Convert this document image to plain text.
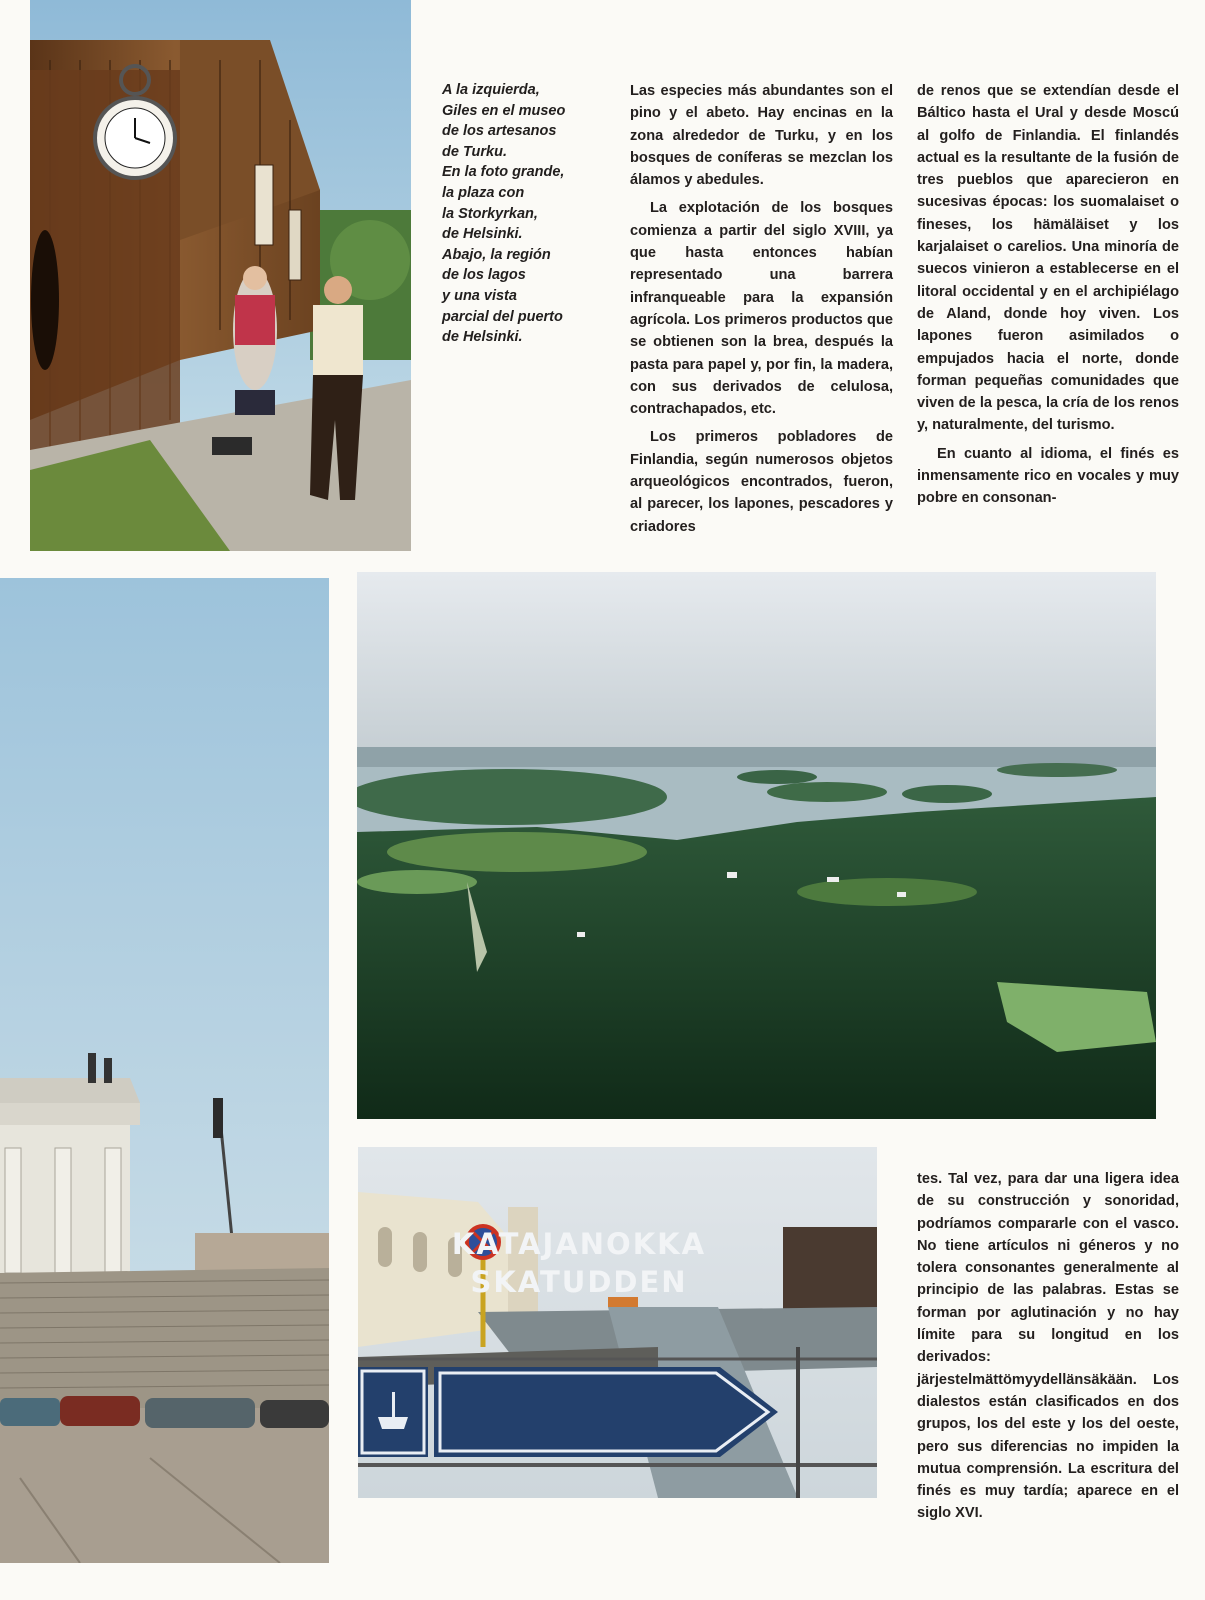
A la izquierda,

Giles en el museo

de los artesanos

de Turku.

En la foto grande,

la plaza con

la Storkyrkan,

de Helsinki.

Abajo, la región

de los lagos

y una vista

parcial del puerto

de Helsinki.

Las especies más abundantes son el pino y el abeto. Hay encinas en la zona alrededor de Turku, y en los bosques de coníferas se mezclan los álamos y abedules.

La explotación de los bosques comienza a partir del siglo XVIII, ya que hasta entonces habían representado una barrera infranqueable para la expansión agrícola. Los primeros productos que se obtienen son la brea, después la pasta para papel y, por fin, la madera, con sus derivados de celulosa, contrachapados, etc.

Los primeros pobladores de Finlandia, según numerosos objetos arqueológicos encontrados, fueron, al parecer, los lapones, pescadores y criadores

de renos que se extendían desde el Báltico hasta el Ural y desde Moscú al golfo de Finlandia. El finlandés actual es la resultante de la fusión de tres pueblos que aparecieron en sucesivas épocas: los suomalaiset o fineses, los hämäläiset y los karjalaiset o carelios. Una minoría de suecos vinieron a establecerse en el litoral occidental y en el archipiélago de Aland, donde hoy viven. Los lapones fueron asimilados o empujados hacia el norte, donde forman pequeñas comunidades que viven de la pesca, la cría de los renos y, naturalmente, del turismo.

En cuanto al idioma, el finés es inmensamente rico en vocales y muy pobre en consonan-

KATAJANOKKA
SKATUDDEN

tes. Tal vez, para dar una ligera idea de su construcción y sonoridad, podríamos compararle con el vasco. No tiene artículos ni géneros y no tolera consonantes generalmente al principio de las palabras. Estas se forman por aglutinación y no hay límite para su longitud en los derivados: järjestelmättömyydellänsäkään. Los dialestos están clasificados en dos grupos, los del este y los del oeste, pero sus diferencias no impiden la mutua comprensión. La escritura del finés es muy tardía; aparece en el siglo XVI.
